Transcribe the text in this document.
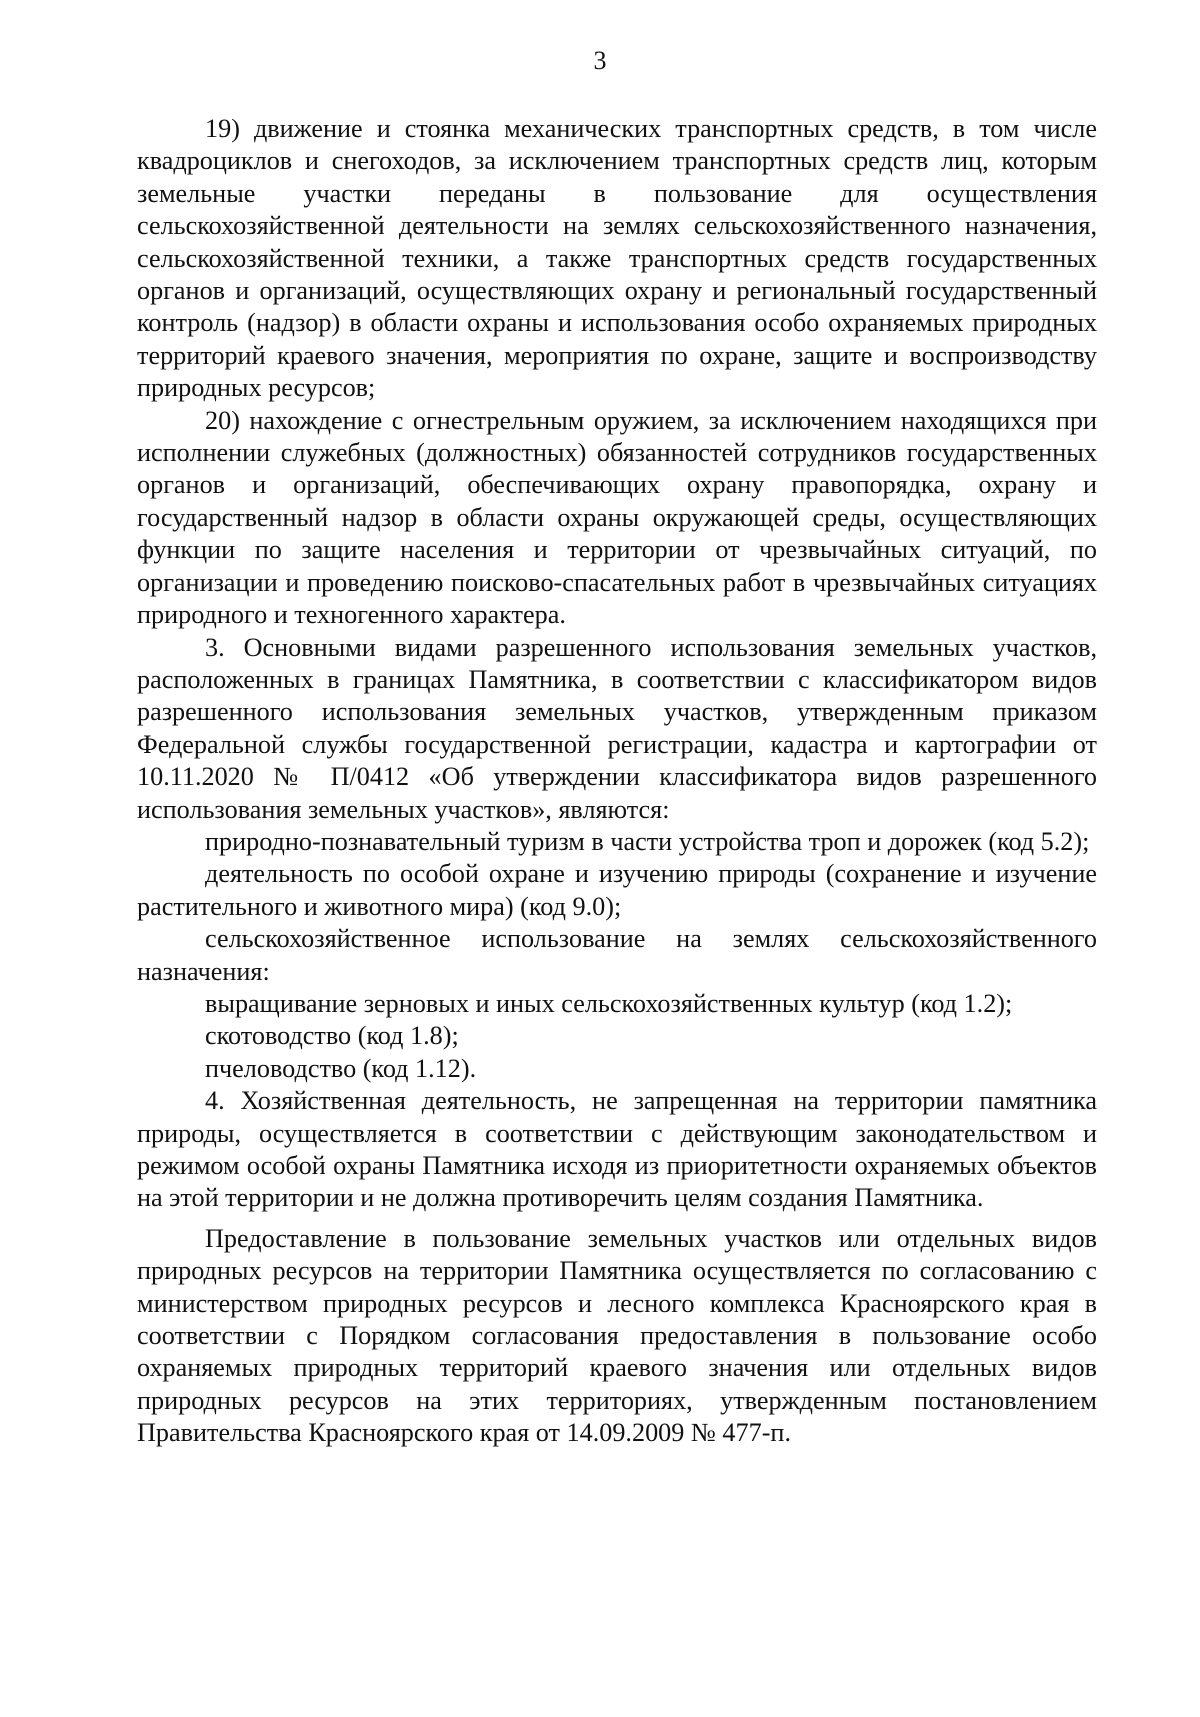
3

19) движение и стоянка механических транспортных средств, в том числе квадроциклов и снегоходов, за исключением транспортных средств лиц, которым земельные участки переданы в пользование для осуществления сельскохозяйственной деятельности на землях сельскохозяйственного назначения, сельскохозяйственной техники, а также транспортных средств государственных органов и организаций, осуществляющих охрану и региональный государственный контроль (надзор) в области охраны и использования особо охраняемых природных территорий краевого значения, мероприятия по охране, защите и воспроизводству природных ресурсов;

20) нахождение с огнестрельным оружием, за исключением находящихся при исполнении служебных (должностных) обязанностей сотрудников государственных органов и организаций, обеспечивающих охрану правопорядка, охрану и государственный надзор в области охраны окружающей среды, осуществляющих функции по защите населения и территории от чрезвычайных ситуаций, по организации и проведению поисково-спасательных работ в чрезвычайных ситуациях природного и техногенного характера.

3. Основными видами разрешенного использования земельных участков, расположенных в границах Памятника, в соответствии с классификатором видов разрешенного использования земельных участков, утвержденным приказом Федеральной службы государственной регистрации, кадастра и картографии от 10.11.2020 № П/0412 «Об утверждении классификатора видов разрешенного использования земельных участков», являются:

природно-познавательный туризм в части устройства троп и дорожек (код 5.2);

деятельность по особой охране и изучению природы (сохранение и изучение растительного и животного мира) (код 9.0);

сельскохозяйственное использование на землях сельскохозяйственного назначения:

выращивание зерновых и иных сельскохозяйственных культур (код 1.2);

скотоводство (код 1.8);

пчеловодство (код 1.12).

4. Хозяйственная деятельность, не запрещенная на территории памятника природы, осуществляется в соответствии с действующим законодательством и режимом особой охраны Памятника исходя из приоритетности охраняемых объектов на этой территории и не должна противоречить целям создания Памятника.

Предоставление в пользование земельных участков или отдельных видов природных ресурсов на территории Памятника осуществляется по согласованию с министерством природных ресурсов и лесного комплекса Красноярского края в соответствии с Порядком согласования предоставления в пользование особо охраняемых природных территорий краевого значения или отдельных видов природных ресурсов на этих территориях, утвержденным постановлением Правительства Красноярского края от 14.09.2009 № 477-п.
